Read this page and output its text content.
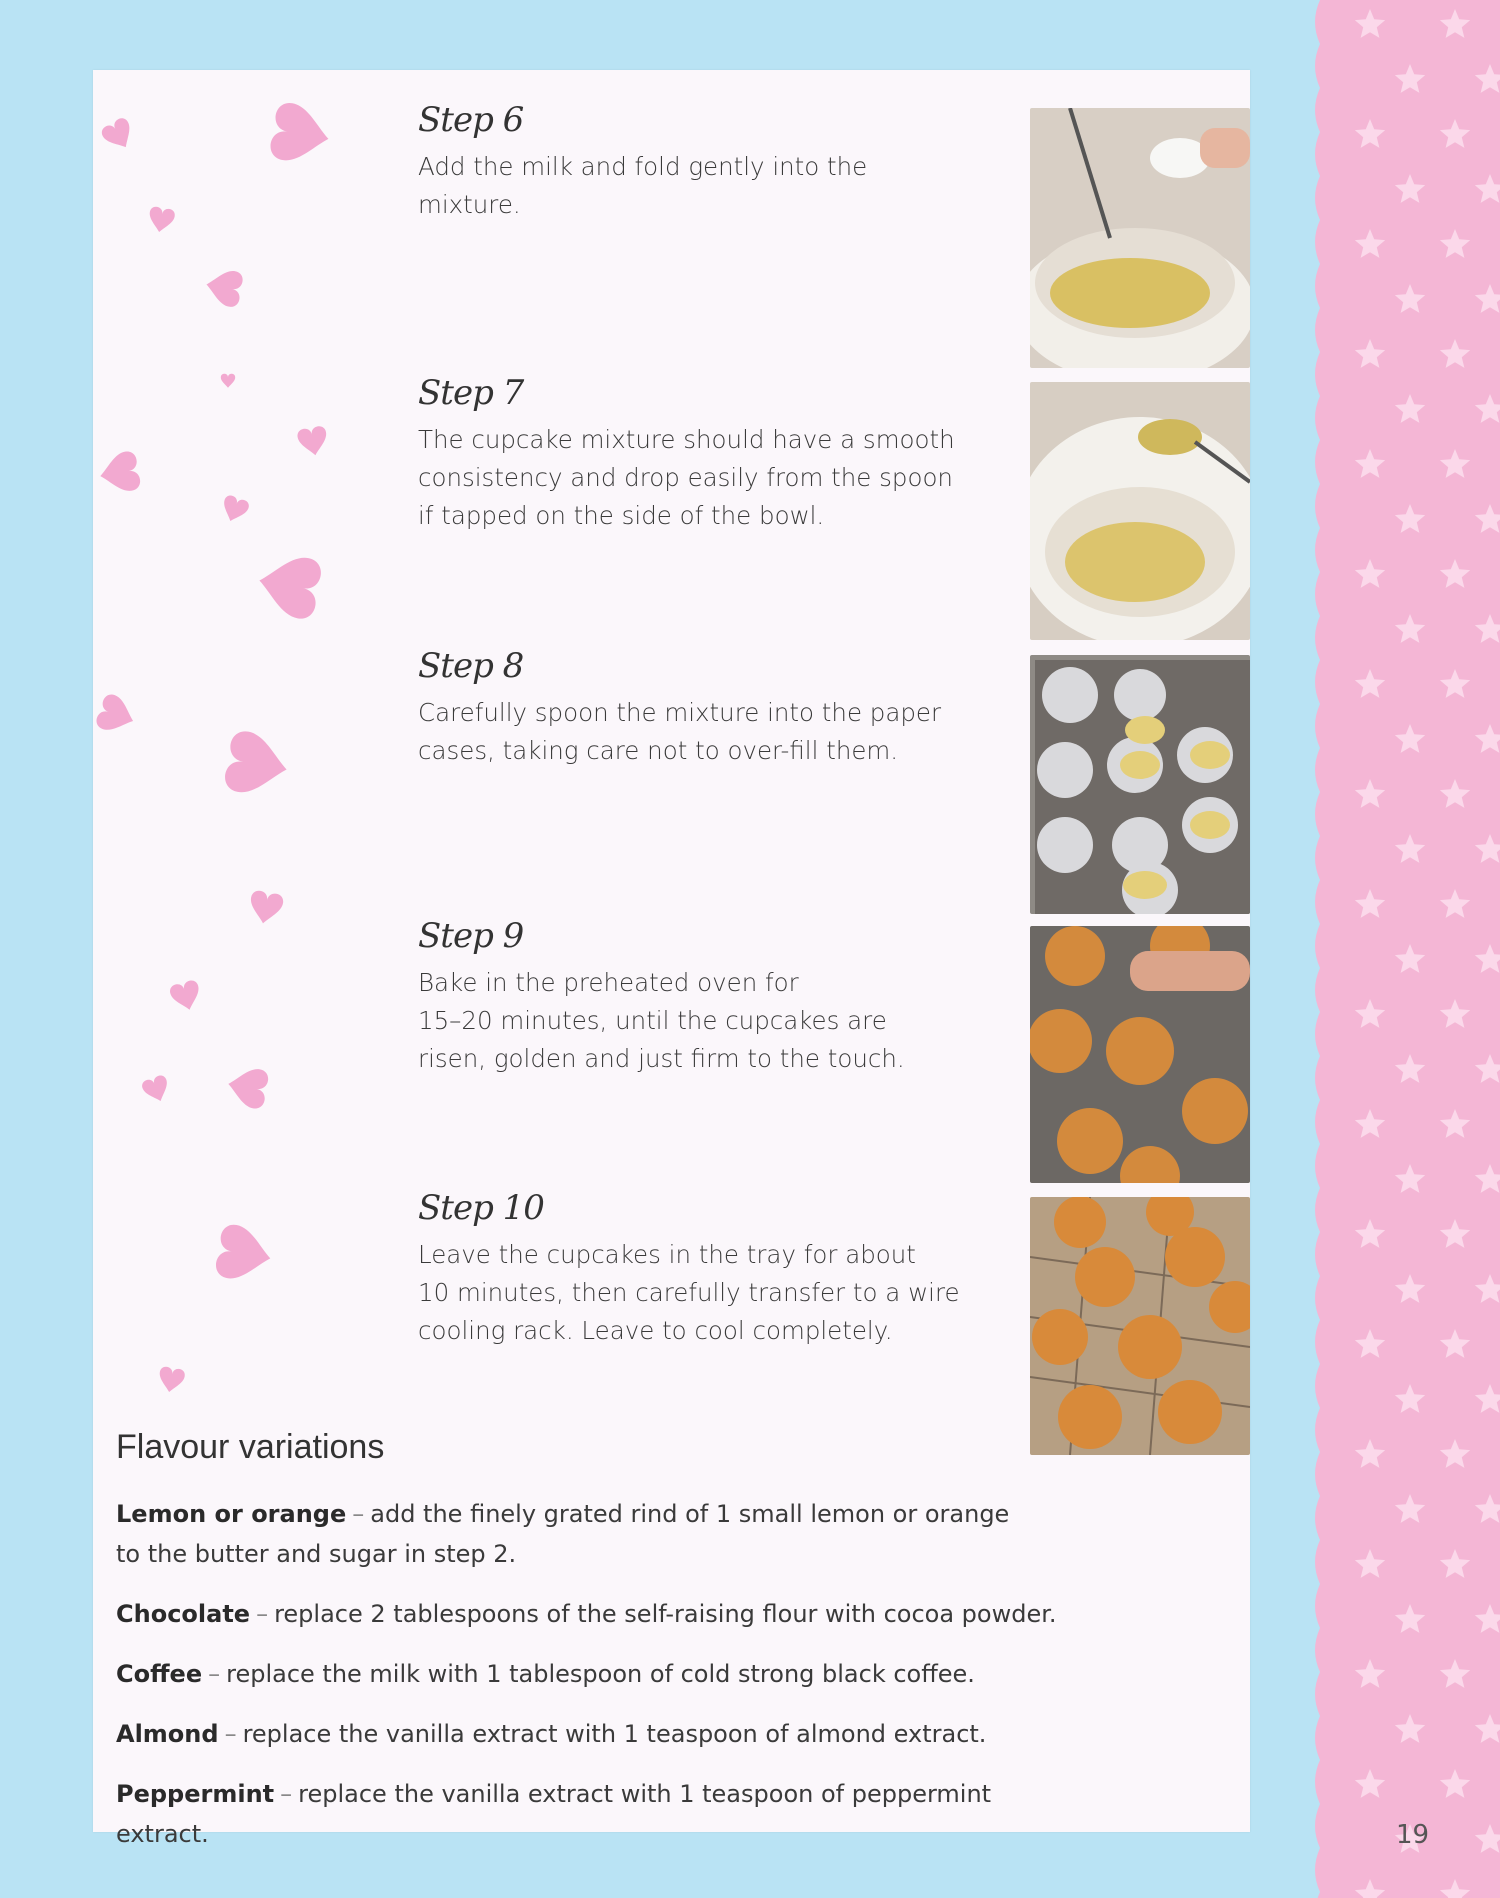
Step 6

Add the milk and fold gently into the
mixture.

Step 7

The cupcake mixture should have a smooth
consistency and drop easily from the spoon
if tapped on the side of the bowl.

Step 8

Carefully spoon the mixture into the paper
cases, taking care not to over-fill them.

Step 9

Bake in the preheated oven for
15–20 minutes, until the cupcakes are
risen, golden and just firm to the touch.

Step 10

Leave the cupcakes in the tray for about
10 minutes, then carefully transfer to a wire
cooling rack. Leave to cool completely.

Flavour variations

Lemon or orange – add the finely grated rind of 1 small lemon or orange
to the butter and sugar in step 2.

Chocolate – replace 2 tablespoons of the self-raising flour with cocoa powder.

Coffee – replace the milk with 1 tablespoon of cold strong black coffee.

Almond – replace the vanilla extract with 1 teaspoon of almond extract.

Peppermint – replace the vanilla extract with 1 teaspoon of peppermint extract.	19
